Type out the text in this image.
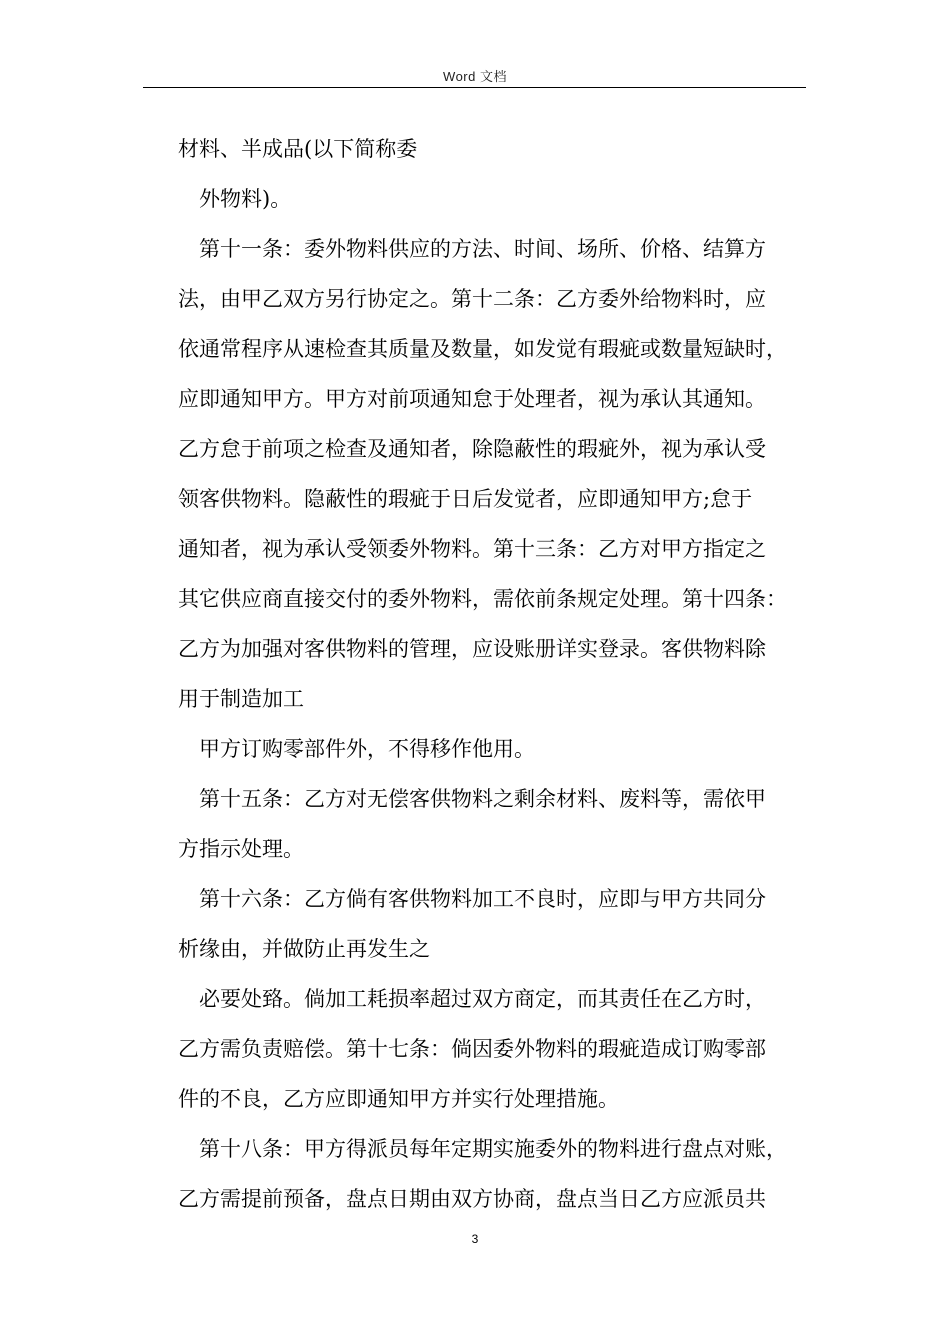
Word 文档
材料、半成品(以下简称委
外物料)。
第十一条：委外物料供应的方法、时间、场所、价格、结算方
法，由甲乙双方另行协定之。第十二条：乙方委外给物料时，应
依通常程序从速检查其质量及数量，如发觉有瑕疵或数量短缺时，
应即通知甲方。甲方对前项通知怠于处理者，视为承认其通知。
乙方怠于前项之检查及通知者，除隐蔽性的瑕疵外，视为承认受
领客供物料。隐蔽性的瑕疵于日后发觉者，应即通知甲方;怠于
通知者，视为承认受领委外物料。第十三条：乙方对甲方指定之
其它供应商直接交付的委外物料，需依前条规定处理。第十四条：
乙方为加强对客供物料的管理，应设账册详实登录。客供物料除
用于制造加工
甲方订购零部件外，不得移作他用。
第十五条：乙方对无偿客供物料之剩余材料、废料等，需依甲
方指示处理。
第十六条：乙方倘有客供物料加工不良时，应即与甲方共同分
析缘由，并做防止再发生之
必要处臵。倘加工耗损率超过双方商定，而其责任在乙方时，
乙方需负责赔偿。第十七条：倘因委外物料的瑕疵造成订购零部
件的不良，乙方应即通知甲方并实行处理措施。
第十八条：甲方得派员每年定期实施委外的物料进行盘点对账，
乙方需提前预备，盘点日期由双方协商，盘点当日乙方应派员共
3
